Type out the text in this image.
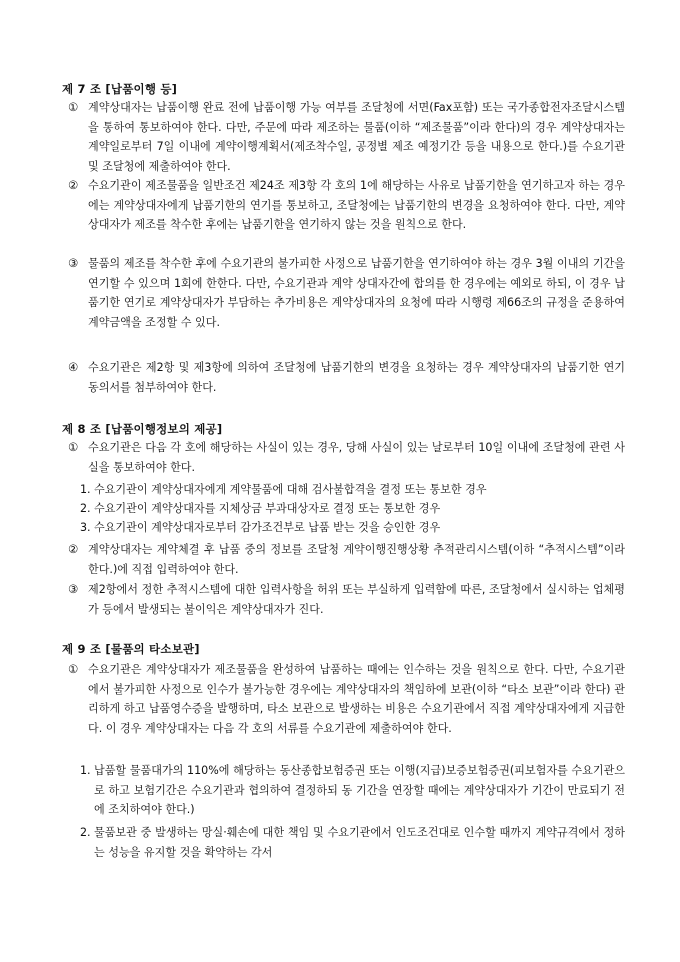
제 7 조 [납품이행 등]
① 계약상대자는 납품이행 완료 전에 납품이행 가능 여부를 조달청에 서면(Fax포함) 또는 국가종합전자조달시스템을 통하여 통보하여야 한다. 다만, 주문에 따라 제조하는 물품(이하 “제조물품”이라 한다)의 경우 계약상대자는 계약일로부터 7일 이내에 계약이행계획서(제조착수일, 공정별 제조 예정기간 등을 내용으로 한다.)를 수요기관 및 조달청에 제출하여야 한다.
② 수요기관이 제조물품을 일반조건 제24조 제3항 각 호의 1에 해당하는 사유로 납품기한을 연기하고자 하는 경우에는 계약상대자에게 납품기한의 연기를 통보하고, 조달청에는 납품기한의 변경을 요청하여야 한다. 다만, 계약상대자가 제조를 착수한 후에는 납품기한을 연기하지 않는 것을 원칙으로 한다.
③ 물품의 제조를 착수한 후에 수요기관의 불가피한 사정으로 납품기한을 연기하여야 하는 경우 3월 이내의 기간을 연기할 수 있으며 1회에 한한다. 다만, 수요기관과 계약 상대자간에 합의를 한 경우에는 예외로 하되, 이 경우 납품기한 연기로 계약상대자가 부담하는 추가비용은 계약상대자의 요청에 따라 시행령 제66조의 규정을 준용하여 계약금액을 조정할 수 있다.
④ 수요기관은 제2항 및 제3항에 의하여 조달청에 납품기한의 변경을 요청하는 경우 계약상대자의 납품기한 연기 동의서를 첨부하여야 한다.
제 8 조 [납품이행정보의 제공]
① 수요기관은 다음 각 호에 해당하는 사실이 있는 경우, 당해 사실이 있는 날로부터 10일 이내에 조달청에 관련 사실을 통보하여야 한다.
1. 수요기관이 계약상대자에게 계약물품에 대해 검사불합격을 결정 또는 통보한 경우
2. 수요기관이 계약상대자를 지체상금 부과대상자로 결정 또는 통보한 경우
3. 수요기관이 계약상대자로부터 감가조건부로 납품 받는 것을 승인한 경우
② 계약상대자는 계약체결 후 납품 중의 정보를 조달청 계약이행진행상황 추적관리시스템(이하 “추적시스템”이라 한다.)에 직접 입력하여야 한다.
③ 제2항에서 정한 추적시스템에 대한 입력사항을 허위 또는 부실하게 입력함에 따른, 조달청에서 실시하는 업체평가 등에서 발생되는 불이익은 계약상대자가 진다.
제 9 조 [물품의 타소보관]
① 수요기관은 계약상대자가 제조물품을 완성하여 납품하는 때에는 인수하는 것을 원칙으로 한다. 다만, 수요기관에서 불가피한 사정으로 인수가 불가능한 경우에는 계약상대자의 책임하에 보관(이하 “타소 보관”이라 한다) 관리하게 하고 납품영수증을 발행하며, 타소 보관으로 발생하는 비용은 수요기관에서 직접 계약상대자에게 지급한다. 이 경우 계약상대자는 다음 각 호의 서류를 수요기관에 제출하여야 한다.
1. 납품할 물품대가의 110%에 해당하는 동산종합보험증권 또는 이행(지급)보증보험증권(피보험자를 수요기관으로 하고 보험기간은 수요기관과 협의하여 결정하되 동 기간을 연장할 때에는 계약상대자가 기간이 만료되기 전에 조치하여야 한다.)
2. 물품보관 중 발생하는 망실·훼손에 대한 책임 및 수요기관에서 인도조건대로 인수할 때까지 계약규격에서 정하는 성능을 유지할 것을 확약하는 각서
